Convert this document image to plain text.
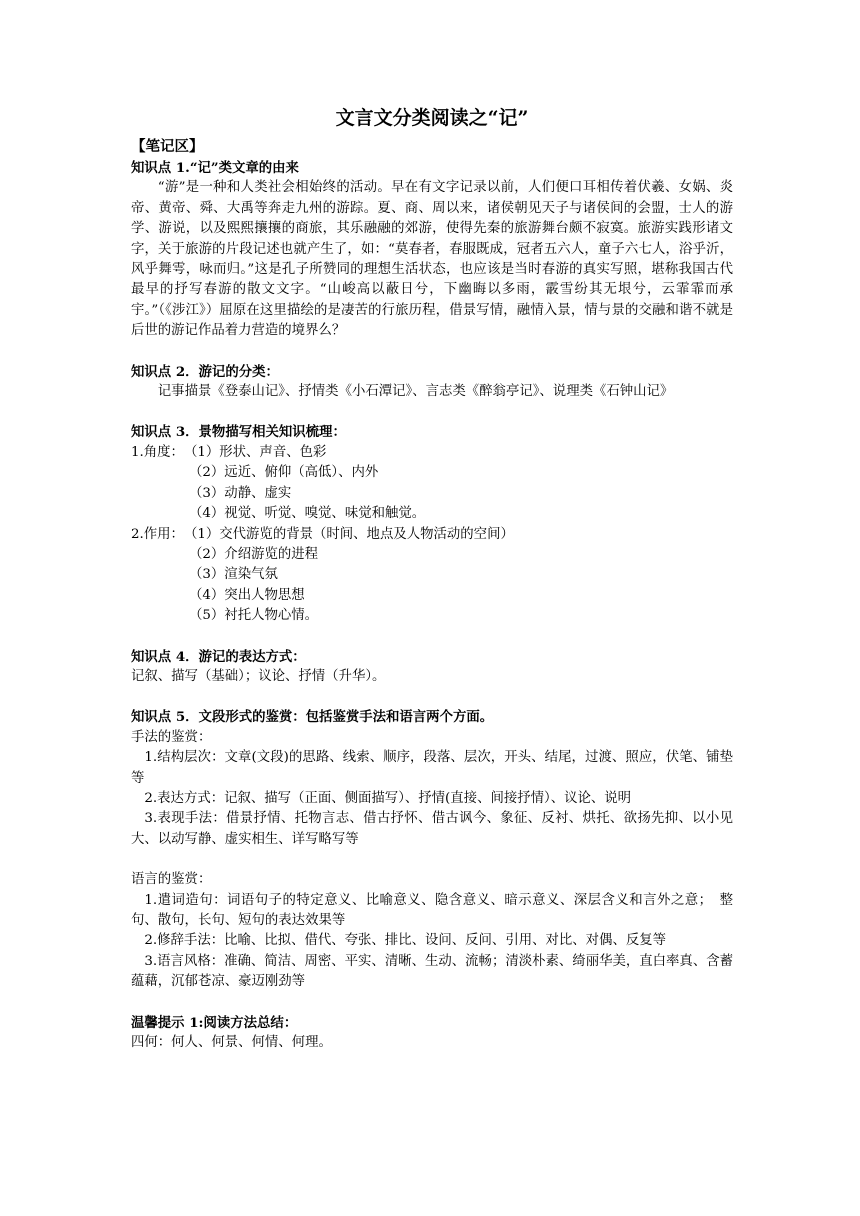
文言文分类阅读之“记”
【笔记区】
知识点 1.“记”类文章的由来
“游”是一种和人类社会相始终的活动。早在有文字记录以前，人们便口耳相传着伏羲、女娲、炎帝、黄帝、舜、大禹等奔走九州的游踪。夏、商、周以来，诸侯朝见天子与诸侯间的会盟，士人的游学、游说，以及熙熙攘攘的商旅，其乐融融的郊游，使得先秦的旅游舞台颇不寂寞。旅游实践形诸文字，关于旅游的片段记述也就产生了，如：“莫春者，春服既成，冠者五六人，童子六七人，浴乎沂，风乎舞雩，咏而归。”这是孔子所赞同的理想生活状态，也应该是当时春游的真实写照，堪称我国古代最早的抒写春游的散文文字。“山峻高以蔽日兮，下幽晦以多雨，霰雪纷其无垠兮，云霏霏而承宇。”（《涉江》）屈原在这里描绘的是凄苦的行旅历程，借景写情，融情入景，情与景的交融和谐不就是后世的游记作品着力营造的境界么？
知识点 2．游记的分类：
记事描景《登泰山记》、抒情类《小石潭记》、言志类《醉翁亭记》、说理类《石钟山记》
知识点 3．景物描写相关知识梳理：
1.角度： （1）形状、声音、色彩
（2）远近、俯仰（高低）、内外
（3）动静、虚实
（4）视觉、听觉、嗅觉、味觉和触觉。
2.作用： （1）交代游览的背景（时间、地点及人物活动的空间）
（2）介绍游览的进程
（3）渲染气氛
（4）突出人物思想
（5）衬托人物心情。
知识点 4．游记的表达方式：
记叙、描写（基础）；议论、抒情（升华）。
知识点 5．文段形式的鉴赏：包括鉴赏手法和语言两个方面。
手法的鉴赏：
1.结构层次：文章(文段)的思路、线索、顺序，段落、层次，开头、结尾，过渡、照应，伏笔、铺垫等
2.表达方式：记叙、描写（正面、侧面描写）、抒情(直接、间接抒情）、议论、说明
3.表现手法：借景抒情、托物言志、借古抒怀、借古讽今、象征、反衬、烘托、欲扬先抑、以小见大、以动写静、虚实相生、详写略写等
语言的鉴赏：
1.遣词造句：词语句子的特定意义、比喻意义、隐含意义、暗示意义、深层含义和言外之意；　整句、散句，长句、短句的表达效果等
2.修辞手法：比喻、比拟、借代、夸张、排比、设问、反问、引用、对比、对偶、反复等
3.语言风格：准确、简洁、周密、平实、清晰、生动、流畅；清淡朴素、绮丽华美，直白率真、含蓄蕴藉，沉郁苍凉、豪迈刚劲等
温馨提示 1:阅读方法总结：
四何：何人、何景、何情、何理。
